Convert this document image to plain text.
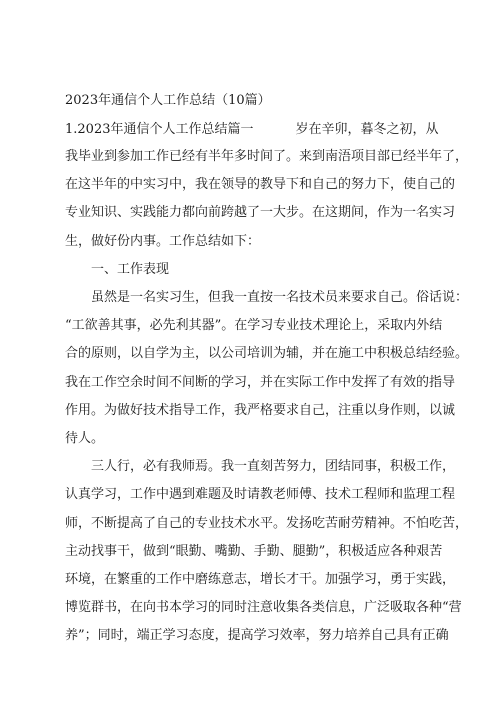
2023年通信个人工作总结（10篇）
1.2023年通信个人工作总结篇一	岁在辛卯，暮冬之初，从
我毕业到参加工作已经有半年多时间了。来到南浯项目部已经半年了，
在这半年的中实习中，我在领导的教导下和自己的努力下，使自己的
专业知识、实践能力都向前跨越了一大步。在这期间，作为一名实习
生，做好份内事。工作总结如下：
　　一、工作表现
　　虽然是一名实习生，但我一直按一名技术员来要求自己。俗话说：
“工欲善其事，必先利其器”。在学习专业技术理论上，采取内外结
合的原则，以自学为主，以公司培训为辅，并在施工中积极总结经验。
我在工作空余时间不间断的学习，并在实际工作中发挥了有效的指导
作用。为做好技术指导工作，我严格要求自己，注重以身作则，以诚
待人。
　　三人行，必有我师焉。我一直刻苦努力，团结同事，积极工作，
认真学习，工作中遇到难题及时请教老师傅、技术工程师和监理工程
师，不断提高了自己的专业技术水平。发扬吃苦耐劳精神。不怕吃苦，
主动找事干，做到“眼勤、嘴勤、手勤、腿勤”，积极适应各种艰苦
环境，在繁重的工作中磨练意志，增长才干。加强学习，勇于实践，
博览群书，在向书本学习的同时注意收集各类信息，广泛吸取各种“营
养”；同时，端正学习态度，提高学习效率，努力培养自己具有正确
